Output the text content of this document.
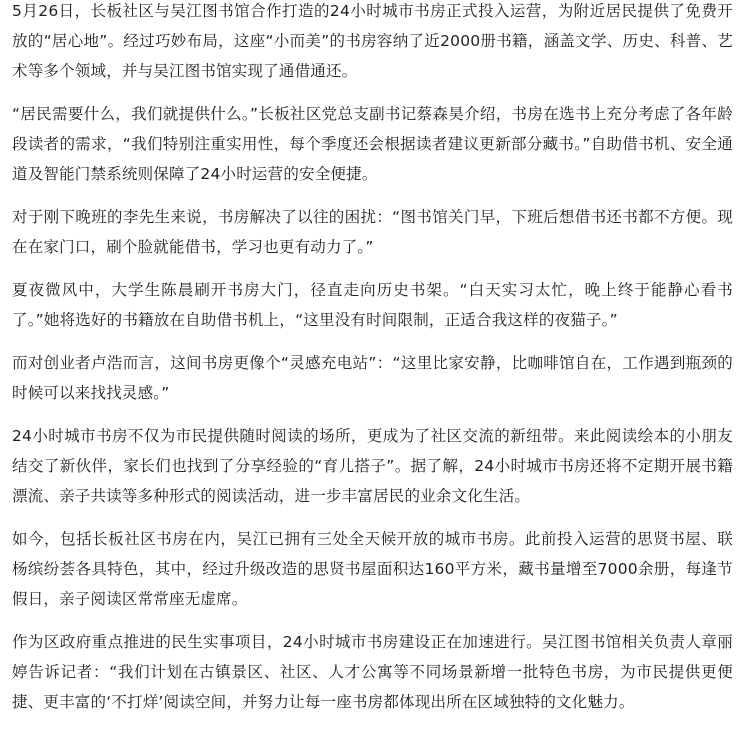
5月26日，长板社区与吴江图书馆合作打造的24小时城市书房正式投入运营，为附近居民提供了免费开放的“居心地”。经过巧妙布局，这座“小而美”的书房容纳了近2000册书籍，涵盖文学、历史、科普、艺术等多个领域，并与吴江图书馆实现了通借通还。

“居民需要什么，我们就提供什么。”长板社区党总支副书记蔡森昊介绍，书房在选书上充分考虑了各年龄段读者的需求，“我们特别注重实用性，每个季度还会根据读者建议更新部分藏书。”自助借书机、安全通道及智能门禁系统则保障了24小时运营的安全便捷。

对于刚下晚班的李先生来说，书房解决了以往的困扰：“图书馆关门早，下班后想借书还书都不方便。现在在家门口，刷个脸就能借书，学习也更有动力了。”

夏夜微风中，大学生陈晨刷开书房大门，径直走向历史书架。“白天实习太忙，晚上终于能静心看书了。”她将选好的书籍放在自助借书机上，“这里没有时间限制，正适合我这样的夜猫子。”

而对创业者卢浩而言，这间书房更像个“灵感充电站”：“这里比家安静，比咖啡馆自在，工作遇到瓶颈的时候可以来找找灵感。”

24小时城市书房不仅为市民提供随时阅读的场所，更成为了社区交流的新纽带。来此阅读绘本的小朋友结交了新伙伴，家长们也找到了分享经验的“育儿搭子”。据了解，24小时城市书房还将不定期开展书籍漂流、亲子共读等多种形式的阅读活动，进一步丰富居民的业余文化生活。

如今，包括长板社区书房在内，吴江已拥有三处全天候开放的城市书房。此前投入运营的思贤书屋、联杨缤纷荟各具特色，其中，经过升级改造的思贤书屋面积达160平方米，藏书量增至7000余册，每逢节假日，亲子阅读区常常座无虚席。

作为区政府重点推进的民生实事项目，24小时城市书房建设正在加速进行。吴江图书馆相关负责人章丽婷告诉记者：“我们计划在古镇景区、社区、人才公寓等不同场景新增一批特色书房，为市民提供更便捷、更丰富的‘不打烊’阅读空间，并努力让每一座书房都体现出所在区域独特的文化魅力。
